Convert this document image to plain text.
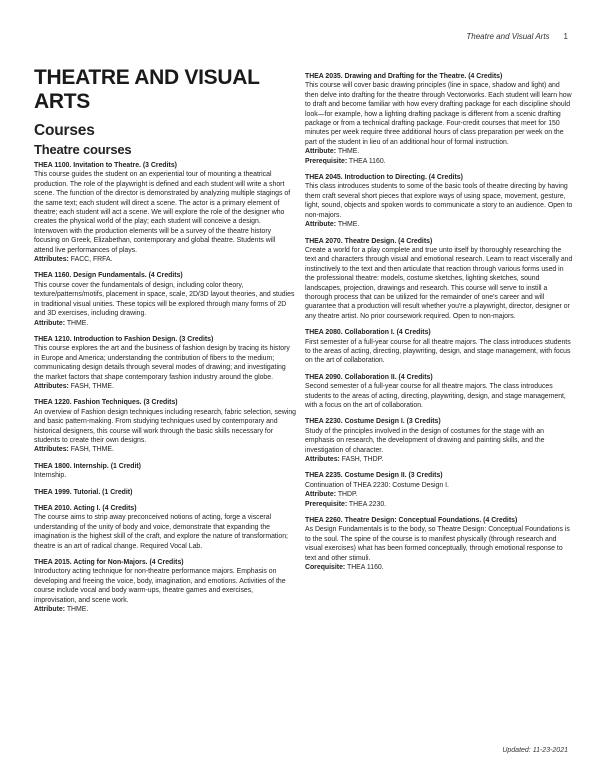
Theatre and Visual Arts 1
THEATRE AND VISUAL ARTS
Courses
Theatre courses

THEA 1100. Invitation to Theatre. (3 Credits)

This course guides the student on an experiential tour of mounting a theatrical production. The role of the playwright is defined and each student will write a short scene. The function of the director is demonstrated by analyzing multiple stagings of the same text; each student will direct a scene. The actor is a primary element of theatre; each student will act a scene. We will explore the role of the designer who creates the physical world of the play; each student will conceive a design. Interwoven with the production elements will be a survey of the theatre history focusing on Greek, Elizabethan, contemporary and global theatre. Students will attend live performances of plays.

Attributes: FACC, FRFA.

THEA 1160. Design Fundamentals. (4 Credits)

This course cover the fundamentals of design, including color theory, texture/patterns/motifs, placement in space, scale, 2D/3D layout theories, and studies in traditional visual unities. These topics will be explored through many forms of 2D and 3D exercises, including drawing.

Attribute: THME.

THEA 1210. Introduction to Fashion Design. (3 Credits)

This course explores the art and the business of fashion design by tracing its history in Europe and America; understanding the contribution of fibers to the medium; communicating design details through several modes of drawing; and investigating the market factors that shape contemporary fashion industry around the globe.

Attributes: FASH, THME.

THEA 1220. Fashion Techniques. (3 Credits)

An overview of Fashion design techniques including research, fabric selection, sewing and basic pattern-making. From studying techniques used by contemporary and historical designers, this course will work through the basic skills necessary for students to create their own designs.

Attributes: FASH, THME.

THEA 1800. Internship. (1 Credit)

Internship.

THEA 1999. Tutorial. (1 Credit)

THEA 2010. Acting I. (4 Credits)

The course aims to strip away preconceived notions of acting, forge a visceral understanding of the unity of body and voice, demonstrate that expanding the imagination is the highest skill of the craft, and explore the nature of transformation; theatre is an art of radical change. Required Vocal Lab.

THEA 2015. Acting for Non-Majors. (4 Credits)

Introductory acting technique for non-theatre performance majors. Emphasis on developing and freeing the voice, body, imagination, and emotions. Activities of the course include vocal and body warm-ups, theatre games and exercises, improvisation, and scene work.

Attribute: THME.

THEA 2035. Drawing and Drafting for the Theatre. (4 Credits)

This course will cover basic drawing principles (line in space, shadow and light) and then delve into drafting for the theatre through Vectorworks. Each student will learn how to draft and become familiar with how every drafting package for each discipline should look—for example, how a lighting drafting package is different from a scenic drafting package or from a technical drafting package. Four-credit courses that meet for 150 minutes per week require three additional hours of class preparation per week on the part of the student in lieu of an additional hour of formal instruction.

Attribute: THME.

Prerequisite: THEA 1160.

THEA 2045. Introduction to Directing. (4 Credits)

This class introduces students to some of the basic tools of theatre directing by having them craft several short pieces that explore ways of using space, movement, gesture, light, sound, objects and spoken words to communicate a story to an audience. Open to non-majors.

Attribute: THME.

THEA 2070. Theatre Design. (4 Credits)

Create a world for a play complete and true unto itself by thoroughly researching the text and characters through visual and emotional research. Learn to react viscerally and instinctively to the text and then articulate that reaction through various forms used in the professional theatre: models, costume sketches, lighting sketches, sound landscapes, projection, drawings and research. This course will serve to instill a thorough process that can be utilized for the remainder of one's career and will guarantee that a production will result whether you're a playwright, director, designer or any theatre artist. No prior coursework required. Open to non-majors.

THEA 2080. Collaboration I. (4 Credits)

First semester of a full-year course for all theatre majors. The class introduces students to the areas of acting, directing, playwriting, design, and stage management, with focus on the art of collaboration.

THEA 2090. Collaboration II. (4 Credits)

Second semester of a full-year course for all theatre majors. The class introduces students to the areas of acting, directing, playwriting, design, and stage management, with a focus on the art of collaboration.

THEA 2230. Costume Design I. (3 Credits)

Study of the principles involved in the design of costumes for the stage with an emphasis on research, the development of drawing and painting skills, and the investigation of character.

Attributes: FASH, THDP.

THEA 2235. Costume Design II. (3 Credits)

Continuation of THEA 2230: Costume Design I.

Attribute: THDP.

Prerequisite: THEA 2230.

THEA 2260. Theatre Design: Conceptual Foundations. (4 Credits)

As Design Fundamentals is to the body, so Theatre Design: Conceptual Foundations is to the soul. The spine of the course is to manifest physically (through research and visual exercises) what has been formed conceptually, through emotional response to text and other stimuli.

Corequisite: THEA 1160.

Updated: 11-23-2021
